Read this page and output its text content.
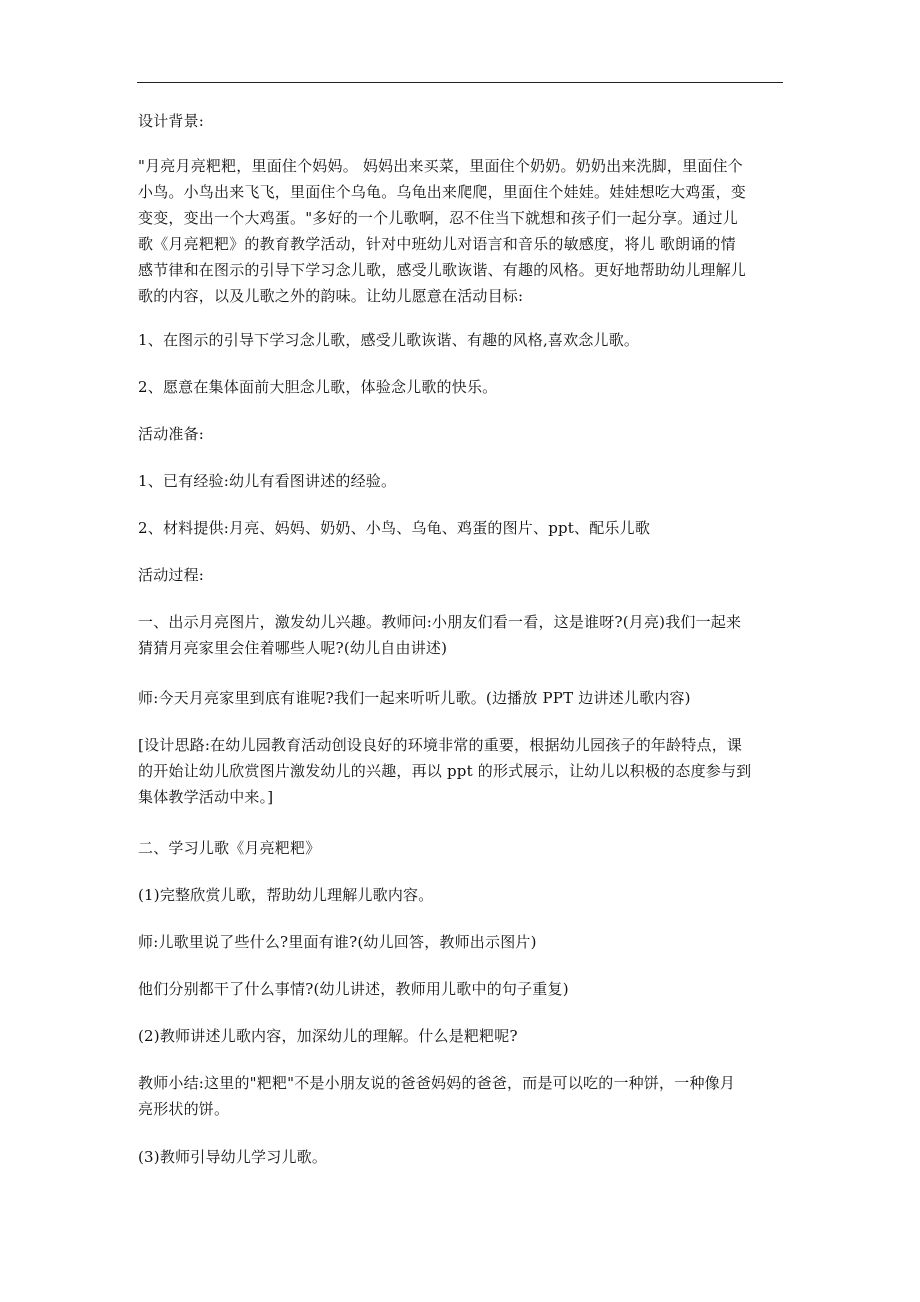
设计背景:

"月亮月亮粑粑，里面住个妈妈。 妈妈出来买菜，里面住个奶奶。奶奶出来洗脚，里面住个
小鸟。小鸟出来飞飞，里面住个乌龟。乌龟出来爬爬，里面住个娃娃。娃娃想吃大鸡蛋，变
变变，变出一个大鸡蛋。"多好的一个儿歌啊，忍不住当下就想和孩子们一起分享。通过儿
歌《月亮粑粑》的教育教学活动，针对中班幼儿对语言和音乐的敏感度，将儿 歌朗诵的情
感节律和在图示的引导下学习念儿歌，感受儿歌诙谐、有趣的风格。更好地帮助幼儿理解儿
歌的内容，以及儿歌之外的韵味。让幼儿愿意在活动目标:

1、在图示的引导下学习念儿歌，感受儿歌诙谐、有趣的风格,喜欢念儿歌。

2、愿意在集体面前大胆念儿歌，体验念儿歌的快乐。

活动准备:

1、已有经验:幼儿有看图讲述的经验。

2、材料提供:月亮、妈妈、奶奶、小鸟、乌龟、鸡蛋的图片、ppt、配乐儿歌

活动过程:

一、出示月亮图片，激发幼儿兴趣。教师问:小朋友们看一看，这是谁呀?(月亮)我们一起来
猜猜月亮家里会住着哪些人呢?(幼儿自由讲述)

师:今天月亮家里到底有谁呢?我们一起来听听儿歌。(边播放 PPT 边讲述儿歌内容)

[设计思路:在幼儿园教育活动创设良好的环境非常的重要，根据幼儿园孩子的年龄特点，课
的开始让幼儿欣赏图片激发幼儿的兴趣，再以 ppt 的形式展示，让幼儿以积极的态度参与到
集体教学活动中来。]

二、学习儿歌《月亮粑粑》

(1)完整欣赏儿歌，帮助幼儿理解儿歌内容。

师:儿歌里说了些什么?里面有谁?(幼儿回答，教师出示图片)

他们分别都干了什么事情?(幼儿讲述，教师用儿歌中的句子重复)

(2)教师讲述儿歌内容，加深幼儿的理解。什么是粑粑呢?

教师小结:这里的"粑粑"不是小朋友说的爸爸妈妈的爸爸，而是可以吃的一种饼，一种像月
亮形状的饼。

(3)教师引导幼儿学习儿歌。
